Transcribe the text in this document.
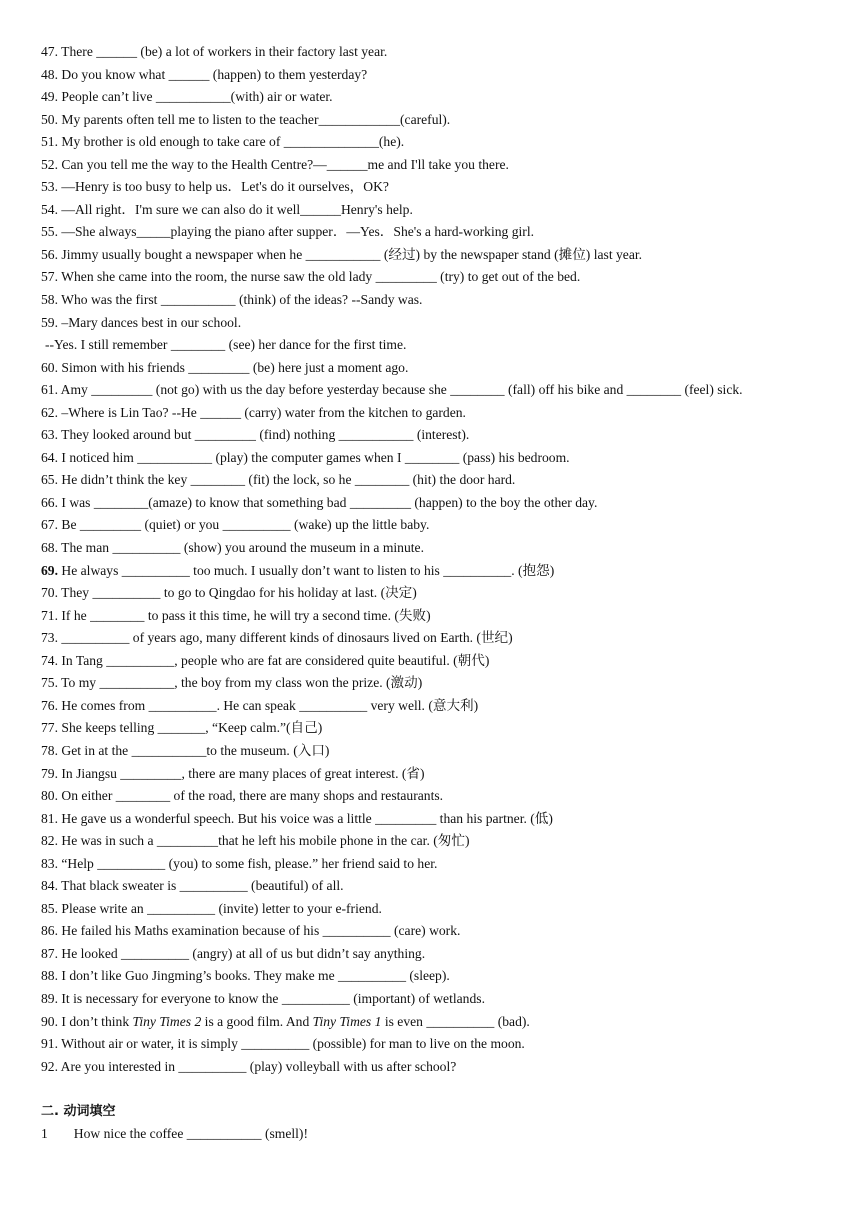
47. There ______ (be) a lot of workers in their factory last year.
48. Do you know what ______ (happen) to them yesterday?
49. People can’t live ___________(with) air or water.
50. My parents often tell me to listen to the teacher____________(careful).
51. My brother is old enough to take care of ______________(he).
52. Can you tell me the way to the Health Centre?—______me and I'll take you there.
53. —Henry is too busy to help us．Let's do it ourselves，OK?
54. —All right．I'm sure we can also do it well______Henry's help.
55. —She always_____playing the piano after supper．—Yes．She's a hard-working girl.
56. Jimmy usually bought a newspaper when he ___________ (经过) by the newspaper stand (摊位) last year.
57. When she came into the room, the nurse saw the old lady _________ (try) to get out of the bed.
58. Who was the first ___________ (think) of the ideas? --Sandy was.
59. –Mary dances best in our school.
--Yes. I still remember ________ (see) her dance for the first time.
60. Simon with his friends _________ (be) here just a moment ago.
61. Amy _________ (not go) with us the day before yesterday because she ________ (fall) off his bike and ________ (feel) sick.
62. –Where is Lin Tao? --He ______ (carry) water from the kitchen to garden.
63. They looked around but _________ (find) nothing ___________ (interest).
64. I noticed him ___________ (play) the computer games when I ________ (pass) his bedroom.
65. He didn’t think the key ________ (fit) the lock, so he ________ (hit) the door hard.
66. I was ________(amaze) to know that something bad _________ (happen) to the boy the other day.
67. Be _________ (quiet) or you __________ (wake) up the little baby.
68. The man __________ (show) you around the museum in a minute.
69. He always __________ too much. I usually don’t want to listen to his __________. (抱怨)
70. They __________ to go to Qingdao for his holiday at last. (决定)
71. If he ________ to pass it this time, he will try a second time. (失败)
73. __________ of years ago, many different kinds of dinosaurs lived on Earth. (世纪)
74. In Tang __________, people who are fat are considered quite beautiful. (朝代)
75. To my ___________, the boy from my class won the prize. (激动)
76. He comes from __________. He can speak __________ very well. (意大利)
77. She keeps telling _______, “Keep calm.”(自己)
78. Get in at the ___________to the museum. (入口)
79. In Jiangsu _________, there are many places of great interest. (省)
80. On either ________ of the road, there are many shops and restaurants.
81. He gave us a wonderful speech. But his voice was a little _________ than his partner. (低)
82. He was in such a _________that he left his mobile phone in the car. (匆忙)
83. “Help __________ (you) to some fish, please.” her friend said to her.
84. That black sweater is __________ (beautiful) of all.
85. Please write an __________ (invite) letter to your e-friend.
86. He failed his Maths examination because of his __________ (care) work.
87. He looked __________ (angry) at all of us but didn’t say anything.
88. I don’t like Guo Jingming’s books. They make me __________ (sleep).
89. It is necessary for everyone to know the __________ (important) of wetlands.
90. I don’t think Tiny Times 2 is a good film. And Tiny Times 1 is even __________ (bad).
91. Without air or water, it is simply __________ (possible) for man to live on the moon.
92. Are you interested in __________ (play) volleyball with us after school?
二. 动词填空
1 How nice the coffee ___________ (smell)!
